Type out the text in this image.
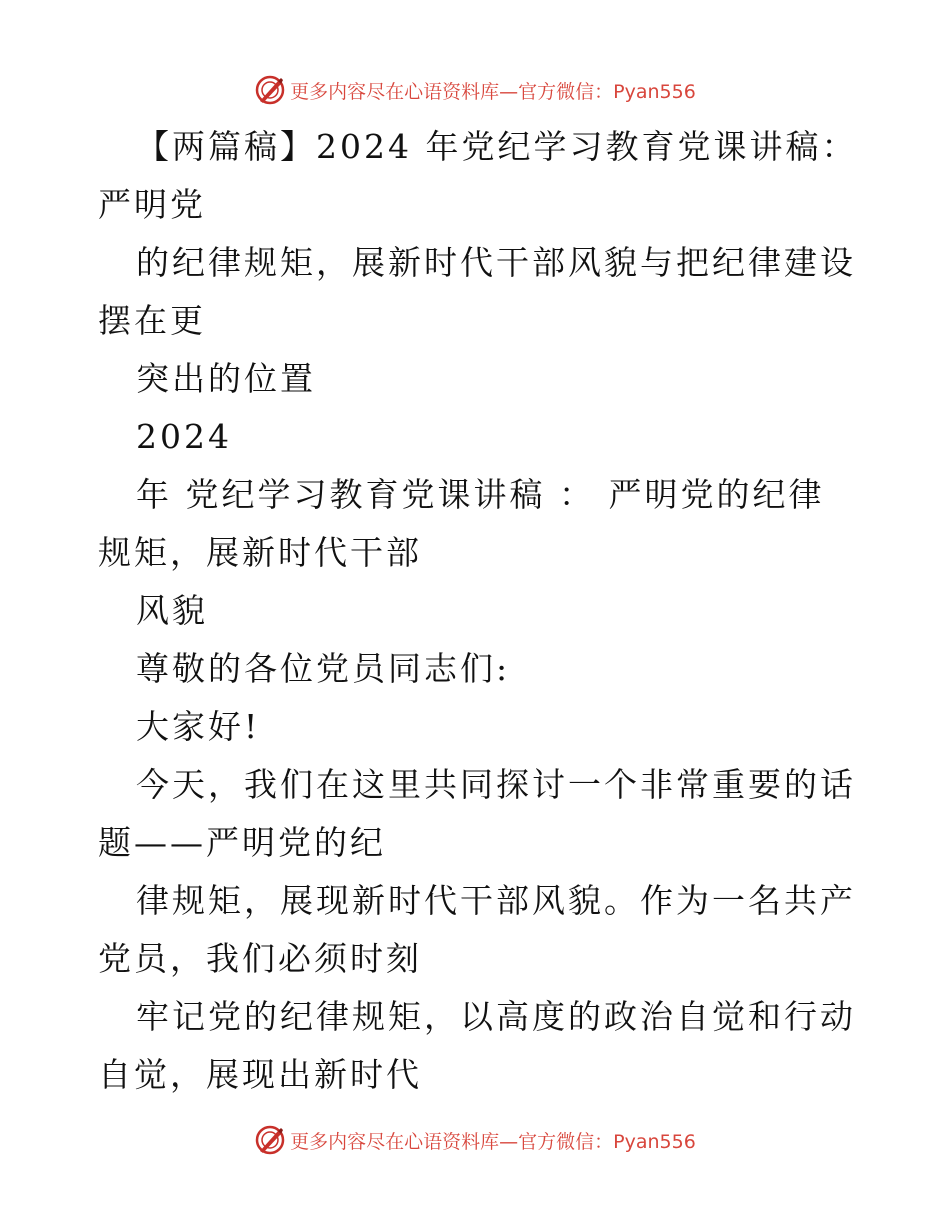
更多内容尽在心语资料库—官方微信：Pyan556

【两篇稿】2024 年党纪学习教育党课讲稿：严明党

的纪律规矩，展新时代干部风貌与把纪律建设摆在更

突出的位置

2024

年 党纪学习教育党课讲稿 ： 严明党的纪律规矩，展新时代干部

风貌

尊敬的各位党员同志们:

大家好!

今天，我们在这里共同探讨一个非常重要的话题——严明党的纪

律规矩，展现新时代干部风貌。作为一名共产党员，我们必须时刻

牢记党的纪律规矩，以高度的政治自觉和行动自觉，展现出新时代

更多内容尽在心语资料库—官方微信：Pyan556
